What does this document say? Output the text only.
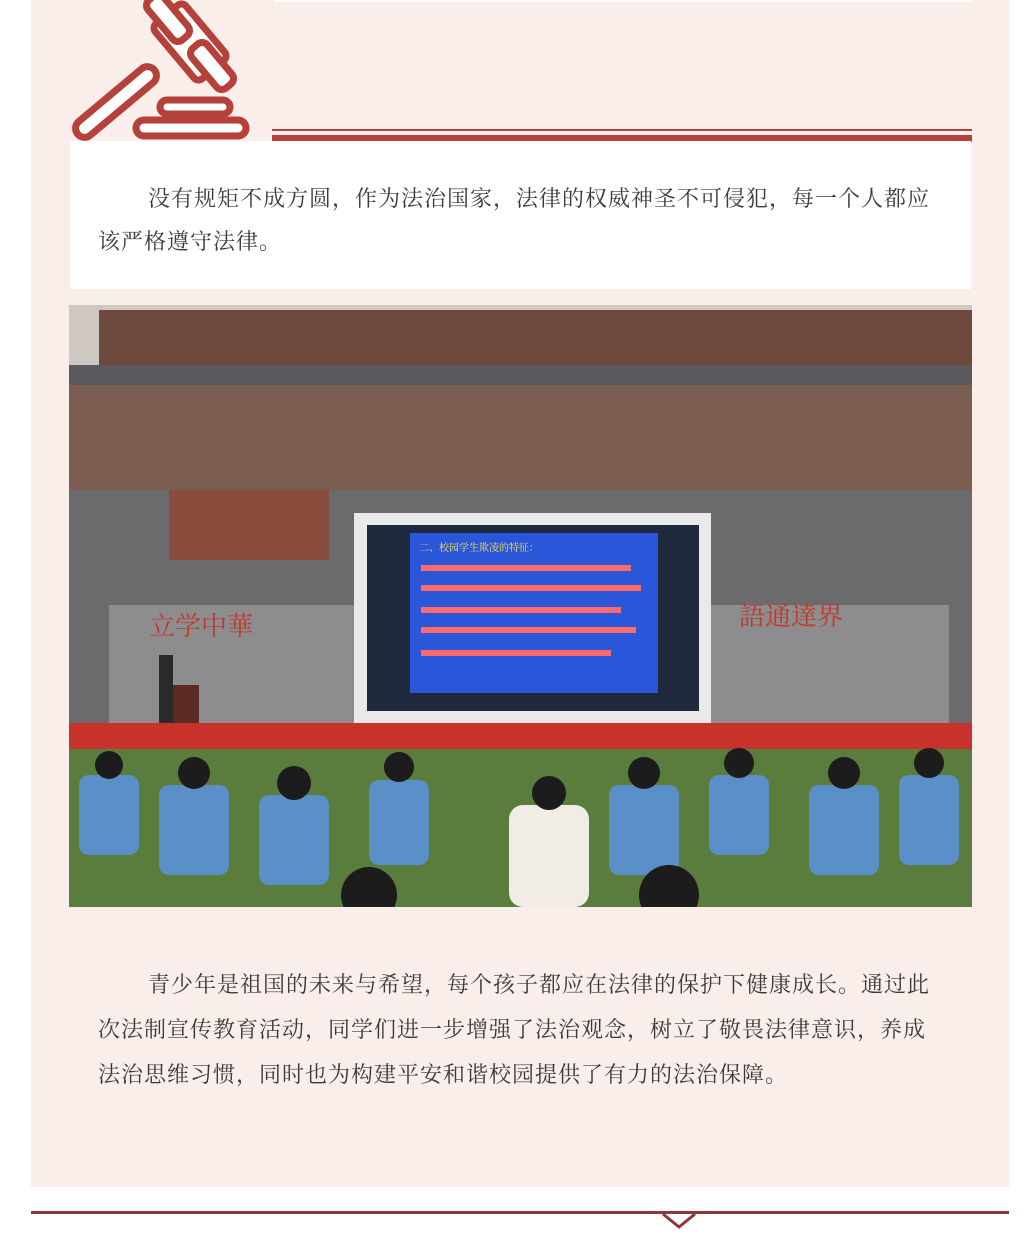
没有规矩不成方圆，作为法治国家，法律的权威神圣不可侵犯，每一个人都应该严格遵守法律。

立学中華	語通達界
二、校园学生欺凌的特征：

青少年是祖国的未来与希望，每个孩子都应在法律的保护下健康成长。通过此次法制宣传教育活动，同学们进一步增强了法治观念，树立了敬畏法律意识，养成法治思维习惯，同时也为构建平安和谐校园提供了有力的法治保障。
